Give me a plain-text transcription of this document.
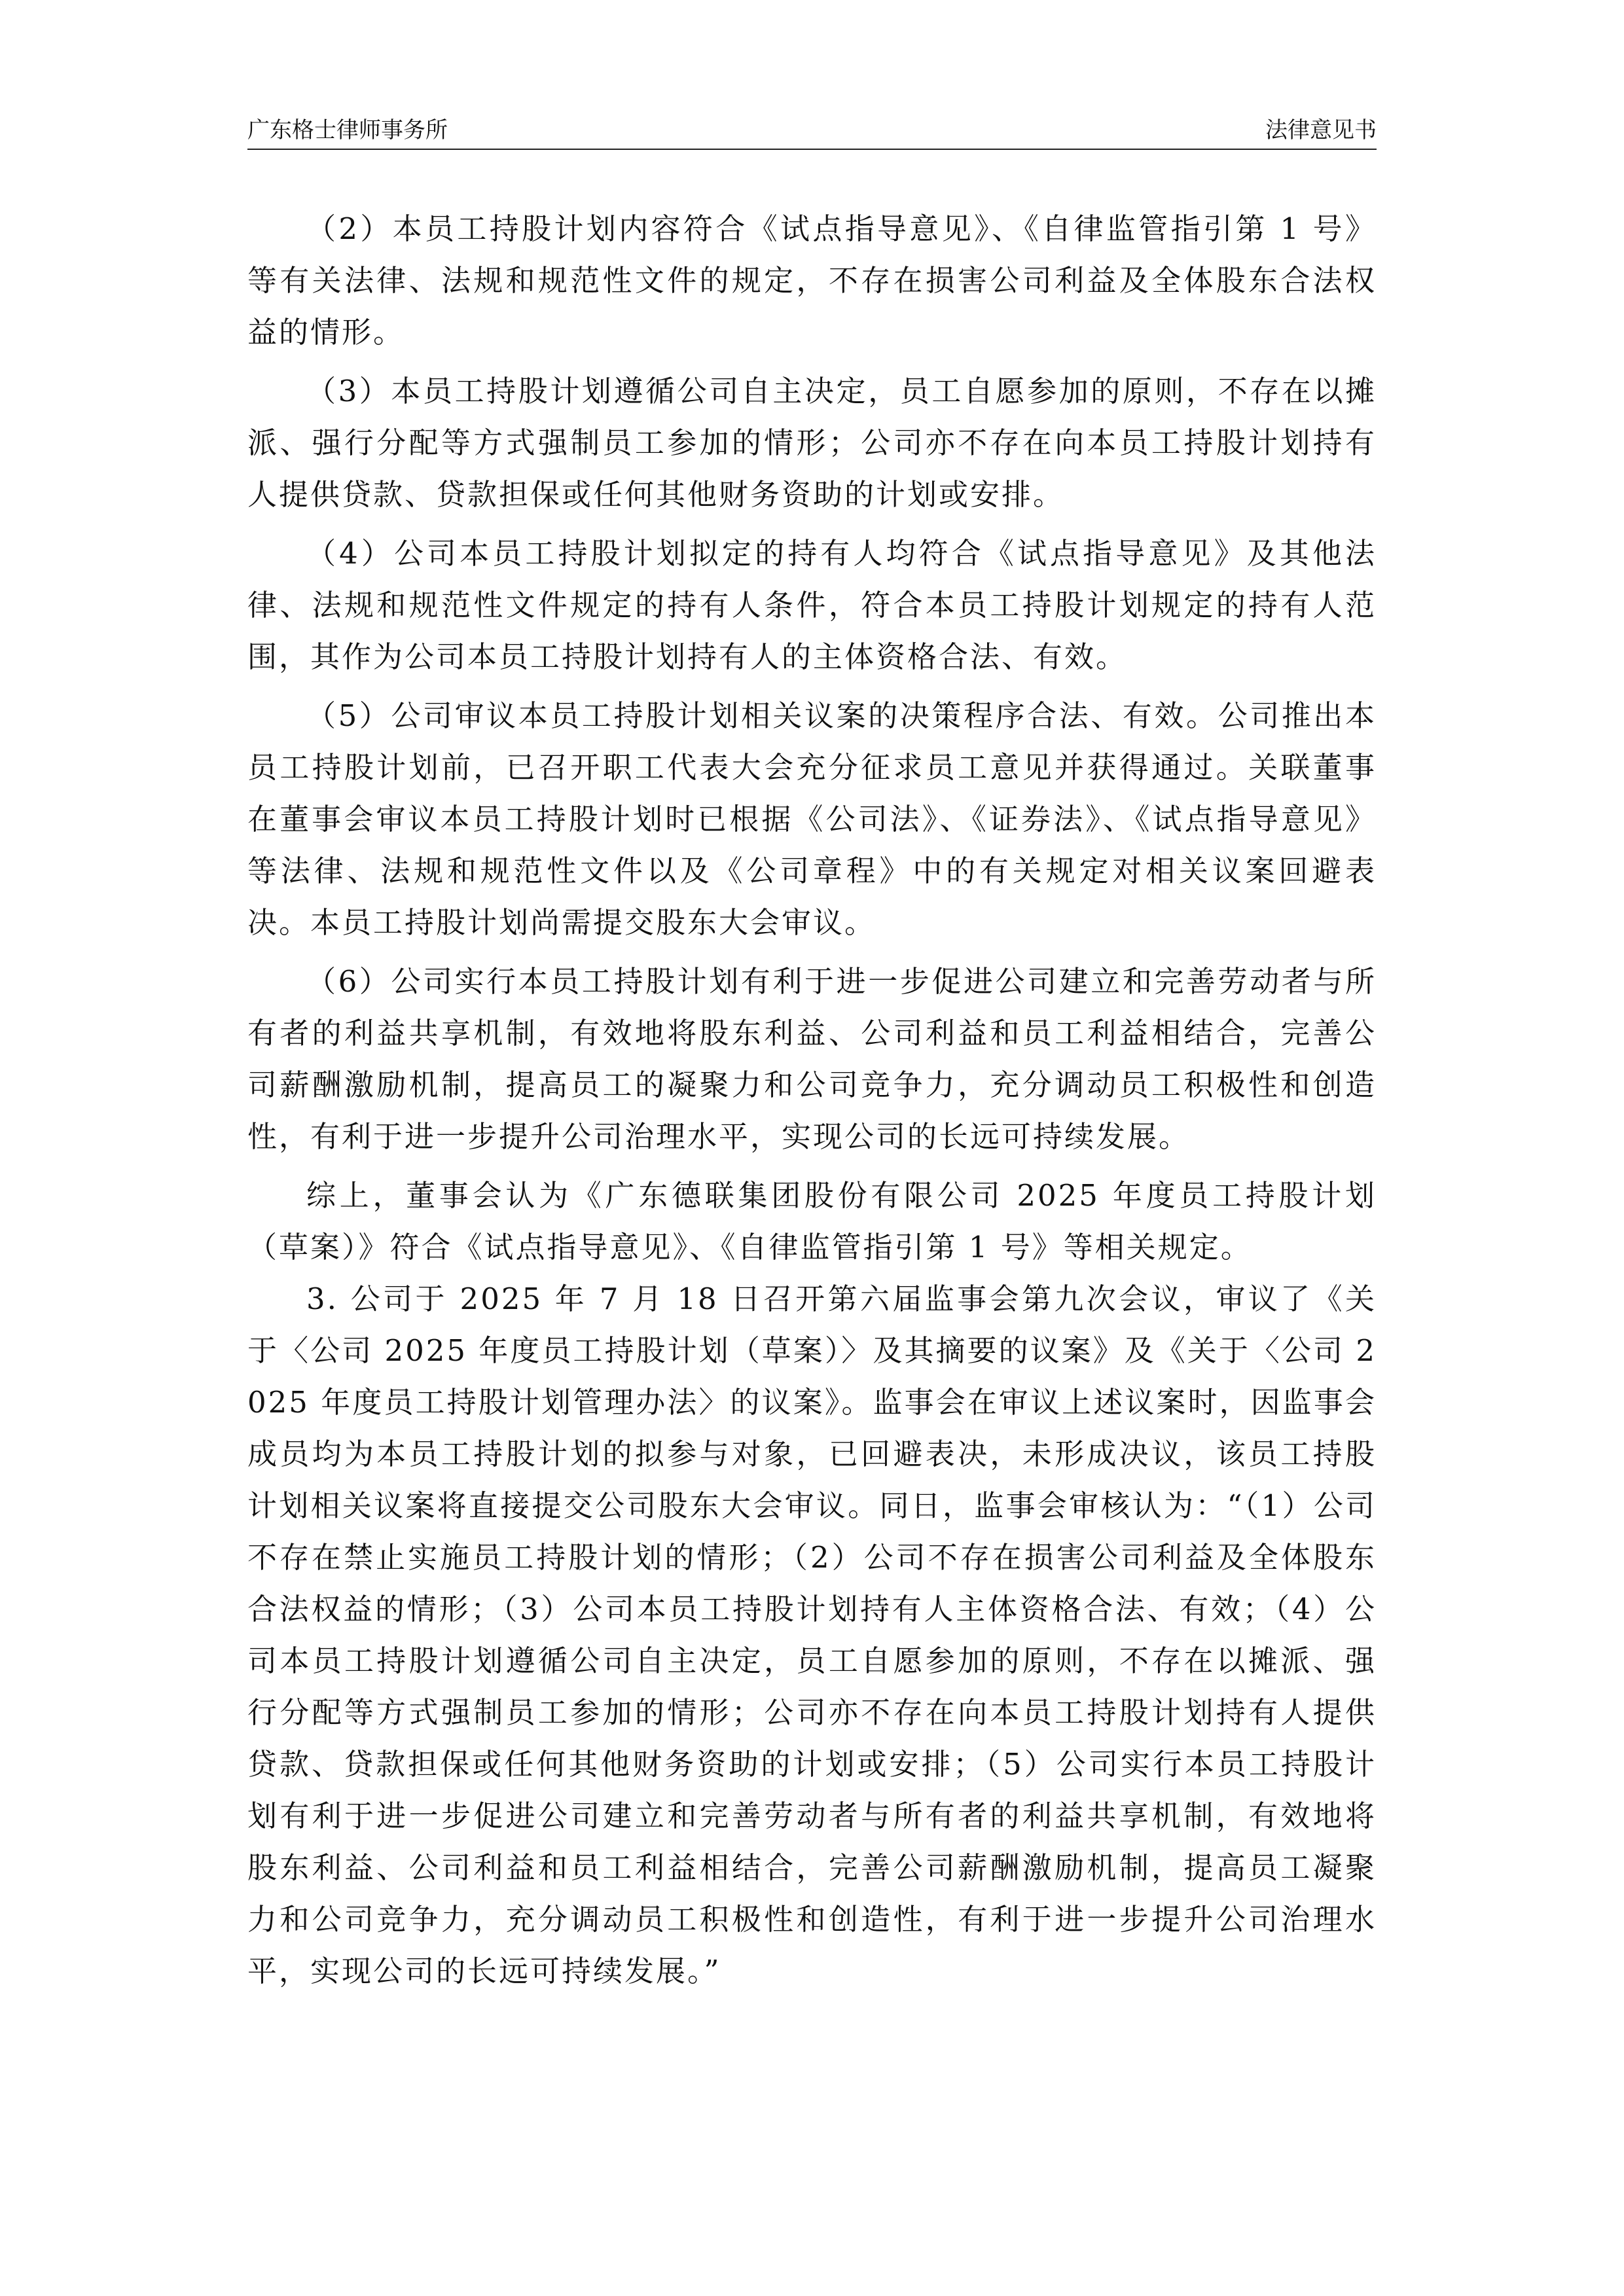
广东格士律师事务所	法律意见书

（2）本员工持股计划内容符合《试点指导意见》、《自律监管指引第 1 号》等有关法律、法规和规范性文件的规定，不存在损害公司利益及全体股东合法权益的情形。

（3）本员工持股计划遵循公司自主决定，员工自愿参加的原则，不存在以摊派、强行分配等方式强制员工参加的情形；公司亦不存在向本员工持股计划持有人提供贷款、贷款担保或任何其他财务资助的计划或安排。

（4）公司本员工持股计划拟定的持有人均符合《试点指导意见》及其他法律、法规和规范性文件规定的持有人条件，符合本员工持股计划规定的持有人范围，其作为公司本员工持股计划持有人的主体资格合法、有效。

（5）公司审议本员工持股计划相关议案的决策程序合法、有效。公司推出本员工持股计划前，已召开职工代表大会充分征求员工意见并获得通过。关联董事在董事会审议本员工持股计划时已根据《公司法》、《证券法》、《试点指导意见》等法律、法规和规范性文件以及《公司章程》中的有关规定对相关议案回避表决。本员工持股计划尚需提交股东大会审议。

（6）公司实行本员工持股计划有利于进一步促进公司建立和完善劳动者与所有者的利益共享机制，有效地将股东利益、公司利益和员工利益相结合，完善公司薪酬激励机制，提高员工的凝聚力和公司竞争力，充分调动员工积极性和创造性，有利于进一步提升公司治理水平，实现公司的长远可持续发展。

综上，董事会认为《广东德联集团股份有限公司 2025 年度员工持股计划（草案）》符合《试点指导意见》、《自律监管指引第 1 号》等相关规定。

3. 公司于 2025 年 7 月 18 日召开第六届监事会第九次会议，审议了《关于〈公司 2025 年度员工持股计划（草案）〉及其摘要的议案》及《关于〈公司 2025 年度员工持股计划管理办法〉的议案》。监事会在审议上述议案时，因监事会成员均为本员工持股计划的拟参与对象，已回避表决，未形成决议，该员工持股计划相关议案将直接提交公司股东大会审议。同日，监事会审核认为：“（1）公司不存在禁止实施员工持股计划的情形；（2）公司不存在损害公司利益及全体股东合法权益的情形；（3）公司本员工持股计划持有人主体资格合法、有效；（4）公司本员工持股计划遵循公司自主决定，员工自愿参加的原则，不存在以摊派、强行分配等方式强制员工参加的情形；公司亦不存在向本员工持股计划持有人提供贷款、贷款担保或任何其他财务资助的计划或安排；（5）公司实行本员工持股计划有利于进一步促进公司建立和完善劳动者与所有者的利益共享机制，有效地将股东利益、公司利益和员工利益相结合，完善公司薪酬激励机制，提高员工凝聚力和公司竞争力，充分调动员工积极性和创造性，有利于进一步提升公司治理水平，实现公司的长远可持续发展。”
